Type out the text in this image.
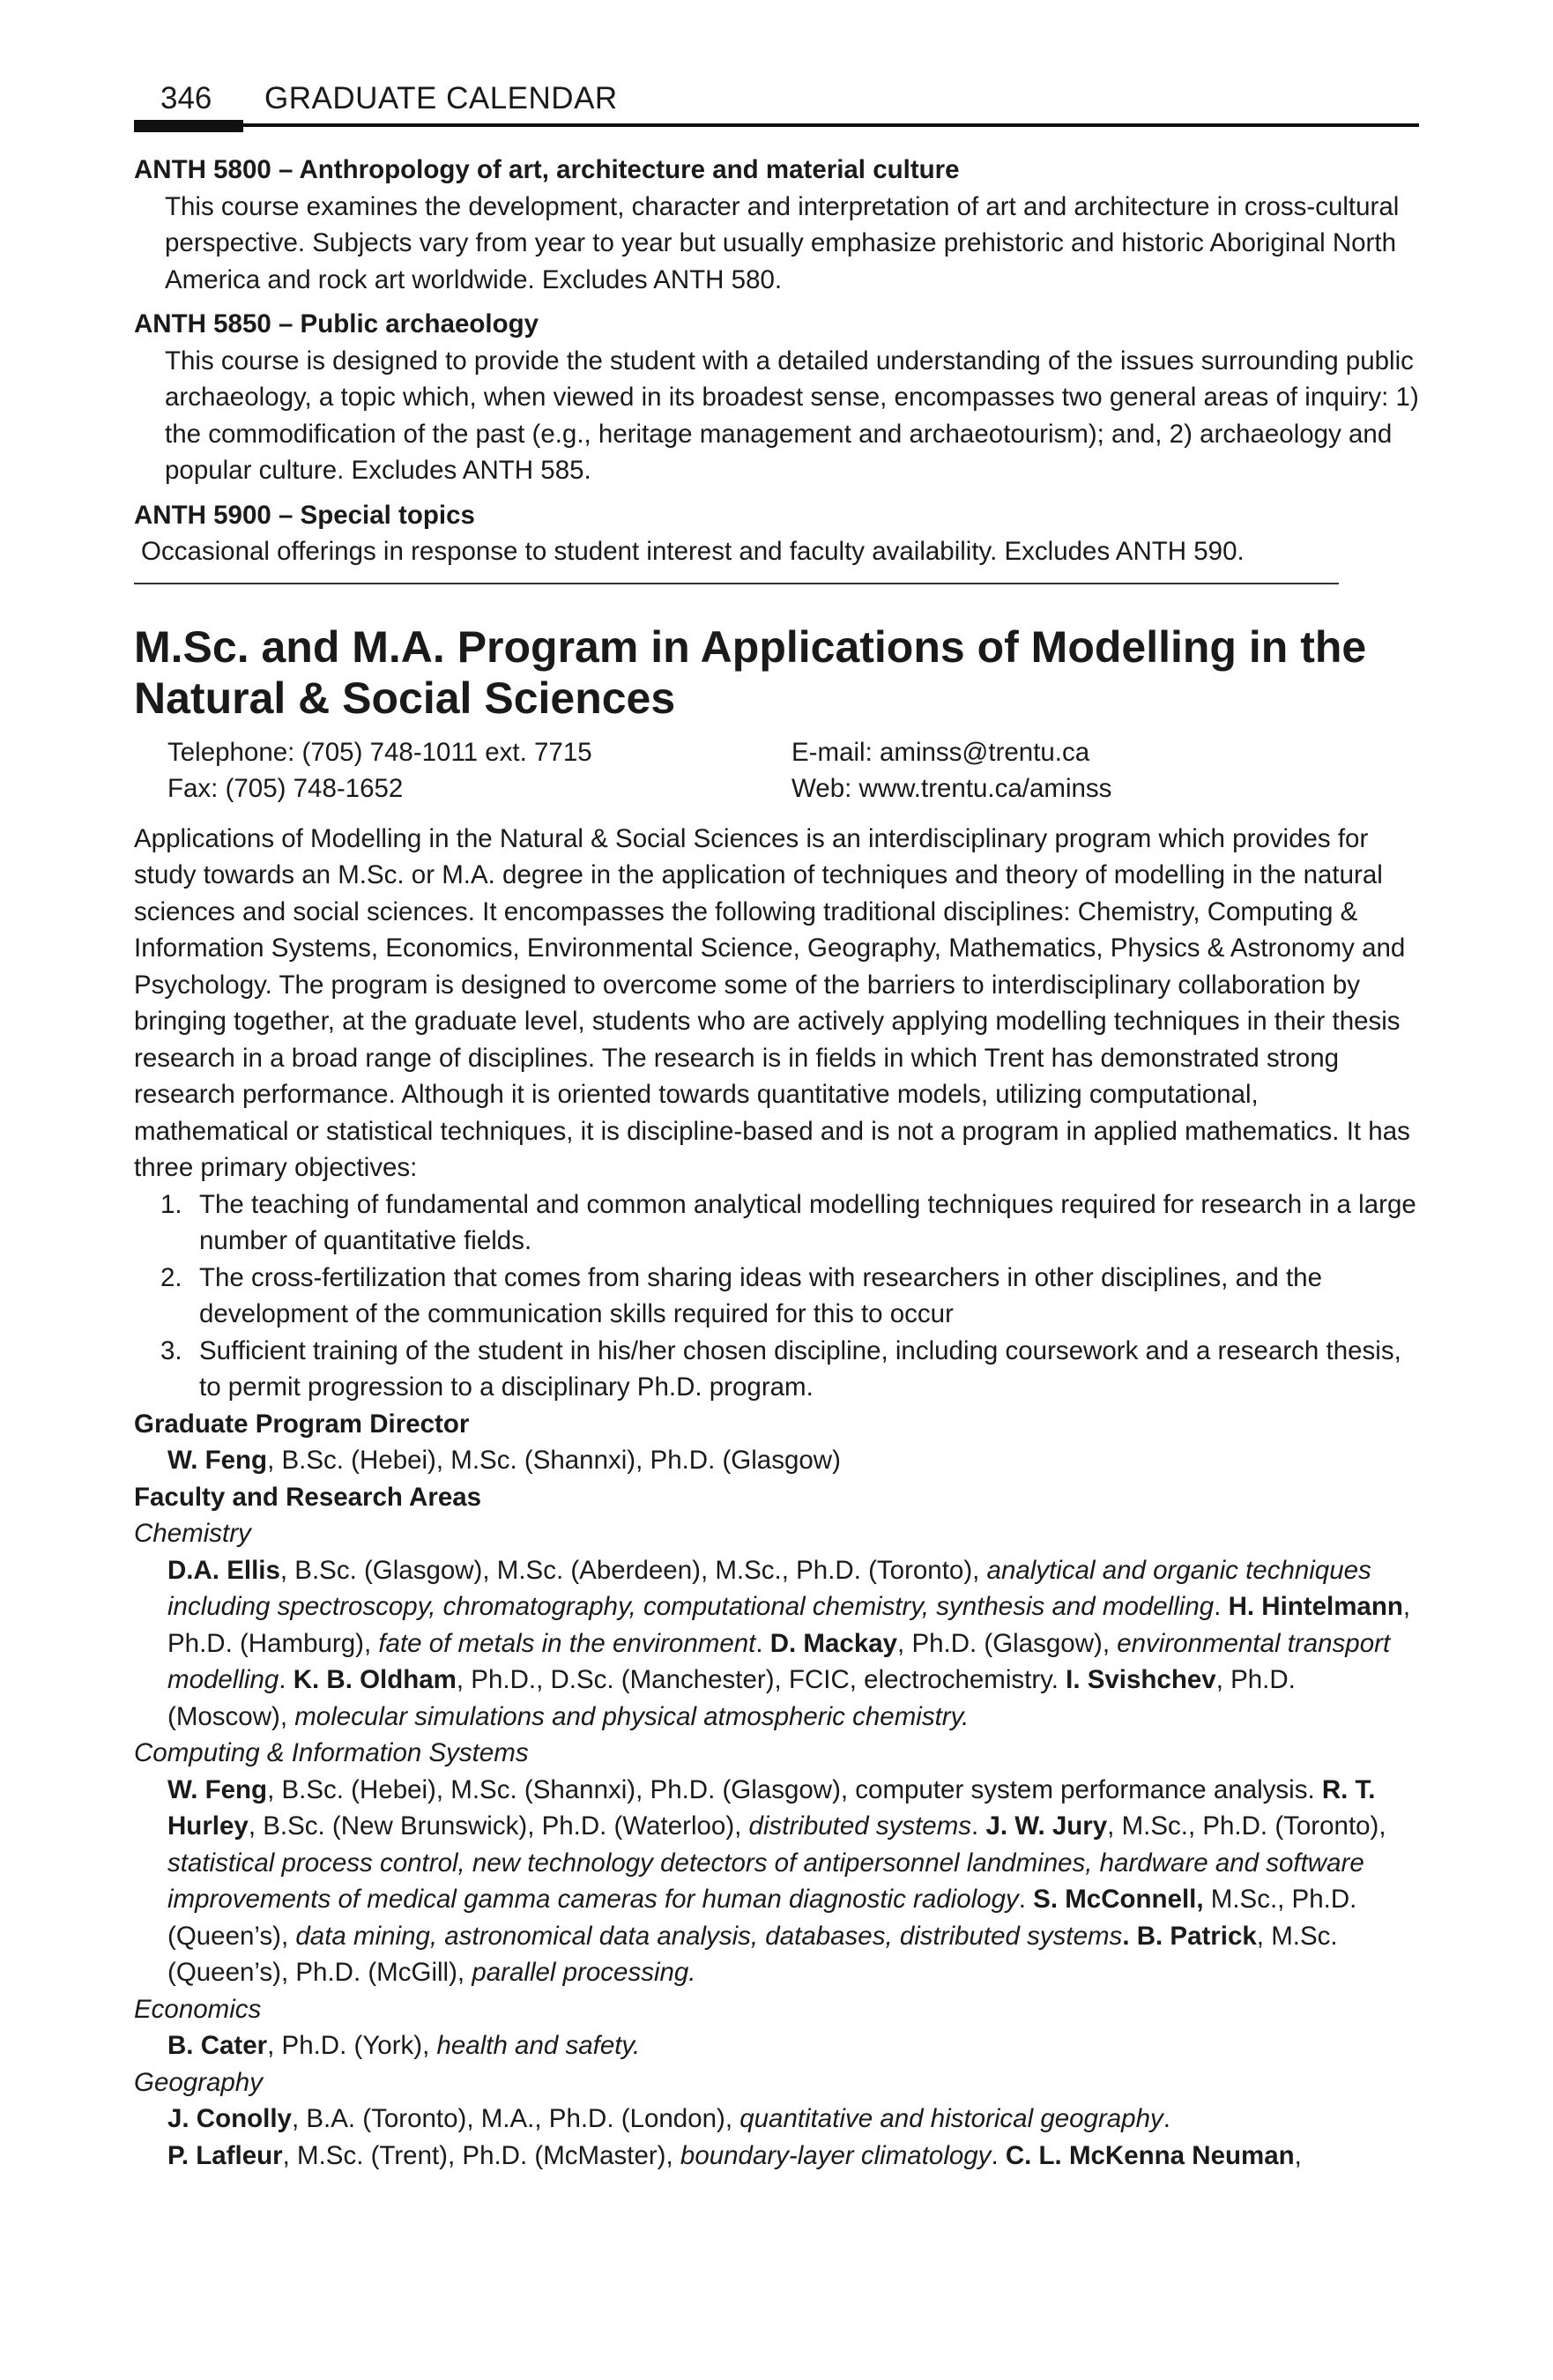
346 GRADUATE CALENDAR

ANTH 5800 – Anthropology of art, architecture and material culture

This course examines the development, character and interpretation of art and architecture in cross-cultural perspective. Subjects vary from year to year but usually emphasize prehistoric and historic Aboriginal North America and rock art worldwide. Excludes ANTH 580.

ANTH 5850 – Public archaeology

This course is designed to provide the student with a detailed understanding of the issues surrounding public archaeology, a topic which, when viewed in its broadest sense, encompasses two general areas of inquiry: 1) the commodification of the past (e.g., heritage management and archaeotourism); and, 2) archaeology and popular culture. Excludes ANTH 585.

ANTH 5900 – Special topics

Occasional offerings in response to student interest and faculty availability. Excludes ANTH 590.

M.Sc. and M.A. Program in Applications of Modelling in the Natural & Social Sciences
Telephone: (705) 748-1011 ext. 7715	E-mail: aminss@trentu.ca
Fax: (705) 748-1652	Web: www.trentu.ca/aminss

Applications of Modelling in the Natural & Social Sciences is an interdisciplinary program which provides for study towards an M.Sc. or M.A. degree in the application of techniques and theory of modelling in the natural sciences and social sciences. It encompasses the following traditional disciplines: Chemistry, Computing & Information Systems, Economics, Environmental Science, Geography, Mathematics, Physics & Astronomy and Psychology. The program is designed to overcome some of the barriers to interdisciplinary collaboration by bringing together, at the graduate level, students who are actively applying modelling techniques in their thesis research in a broad range of disciplines. The research is in fields in which Trent has demonstrated strong research performance. Although it is oriented towards quantitative models, utilizing computational, mathematical or statistical techniques, it is discipline-based and is not a program in applied mathematics. It has three primary objectives:

1. The teaching of fundamental and common analytical modelling techniques required for research in a large number of quantitative fields.
2. The cross-fertilization that comes from sharing ideas with researchers in other disciplines, and the development of the communication skills required for this to occur
3. Sufficient training of the student in his/her chosen discipline, including coursework and a research thesis, to permit progression to a disciplinary Ph.D. program.

Graduate Program Director

W. Feng, B.Sc. (Hebei), M.Sc. (Shannxi), Ph.D. (Glasgow)

Faculty and Research Areas

Chemistry

D.A. Ellis, B.Sc. (Glasgow), M.Sc. (Aberdeen), M.Sc., Ph.D. (Toronto), analytical and organic techniques including spectroscopy, chromatography, computational chemistry, synthesis and modelling. H. Hintelmann, Ph.D. (Hamburg), fate of metals in the environment. D. Mackay, Ph.D. (Glasgow), environmental transport modelling. K. B. Oldham, Ph.D., D.Sc. (Manchester), FCIC, electrochemistry. I. Svishchev, Ph.D. (Moscow), molecular simulations and physical atmospheric chemistry.

Computing & Information Systems

W. Feng, B.Sc. (Hebei), M.Sc. (Shannxi), Ph.D. (Glasgow), computer system performance analysis. R. T. Hurley, B.Sc. (New Brunswick), Ph.D. (Waterloo), distributed systems. J. W. Jury, M.Sc., Ph.D. (Toronto), statistical process control, new technology detectors of antipersonnel landmines, hardware and software improvements of medical gamma cameras for human diagnostic radiology. S. McConnell, M.Sc., Ph.D. (Queen’s), data mining, astronomical data analysis, databases, distributed systems. B. Patrick, M.Sc. (Queen’s), Ph.D. (McGill), parallel processing.

Economics

B. Cater, Ph.D. (York), health and safety.

Geography

J. Conolly, B.A. (Toronto), M.A., Ph.D. (London), quantitative and historical geography.

P. Lafleur, M.Sc. (Trent), Ph.D. (McMaster), boundary-layer climatology. C. L. McKenna Neuman,
